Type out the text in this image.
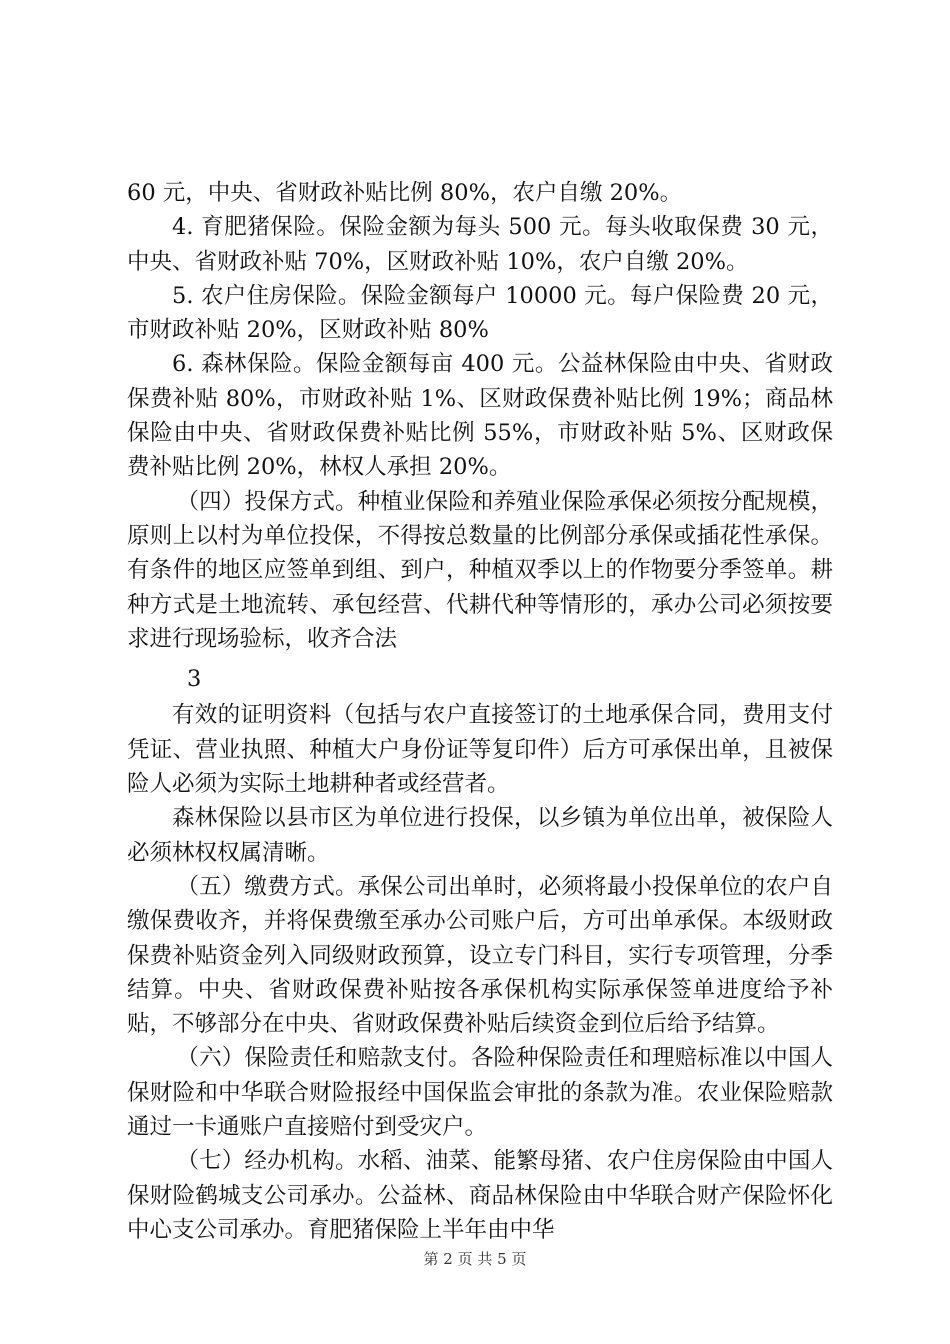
60 元，中央、省财政补贴比例 80%，农户自缴 20%。

4. 育肥猪保险。保险金额为每头 500 元。每头收取保费 30 元，中央、省财政补贴 70%，区财政补贴 10%，农户自缴 20%。

5. 农户住房保险。保险金额每户 10000 元。每户保险费 20 元，市财政补贴 20%，区财政补贴 80%

6. 森林保险。保险金额每亩 400 元。公益林保险由中央、省财政保费补贴 80%，市财政补贴 1%、区财政保费补贴比例 19%；商品林保险由中央、省财政保费补贴比例 55%，市财政补贴 5%、区财政保费补贴比例 20%，林权人承担 20%。

（四）投保方式。种植业保险和养殖业保险承保必须按分配规模，原则上以村为单位投保，不得按总数量的比例部分承保或插花性承保。有条件的地区应签单到组、到户，种植双季以上的作物要分季签单。耕种方式是土地流转、承包经营、代耕代种等情形的，承办公司必须按要求进行现场验标，收齐合法

3

有效的证明资料（包括与农户直接签订的土地承保合同，费用支付凭证、营业执照、种植大户身份证等复印件）后方可承保出单，且被保险人必须为实际土地耕种者或经营者。

森林保险以县市区为单位进行投保，以乡镇为单位出单，被保险人必须林权权属清晰。

（五）缴费方式。承保公司出单时，必须将最小投保单位的农户自缴保费收齐，并将保费缴至承办公司账户后，方可出单承保。本级财政保费补贴资金列入同级财政预算，设立专门科目，实行专项管理，分季结算。中央、省财政保费补贴按各承保机构实际承保签单进度给予补贴，不够部分在中央、省财政保费补贴后续资金到位后给予结算。

（六）保险责任和赔款支付。各险种保险责任和理赔标准以中国人保财险和中华联合财险报经中国保监会审批的条款为准。农业保险赔款通过一卡通账户直接赔付到受灾户。

（七）经办机构。水稻、油菜、能繁母猪、农户住房保险由中国人保财险鹤城支公司承办。公益林、商品林保险由中华联合财产保险怀化中心支公司承办。育肥猪保险上半年由中华

第 2 页 共 5 页
